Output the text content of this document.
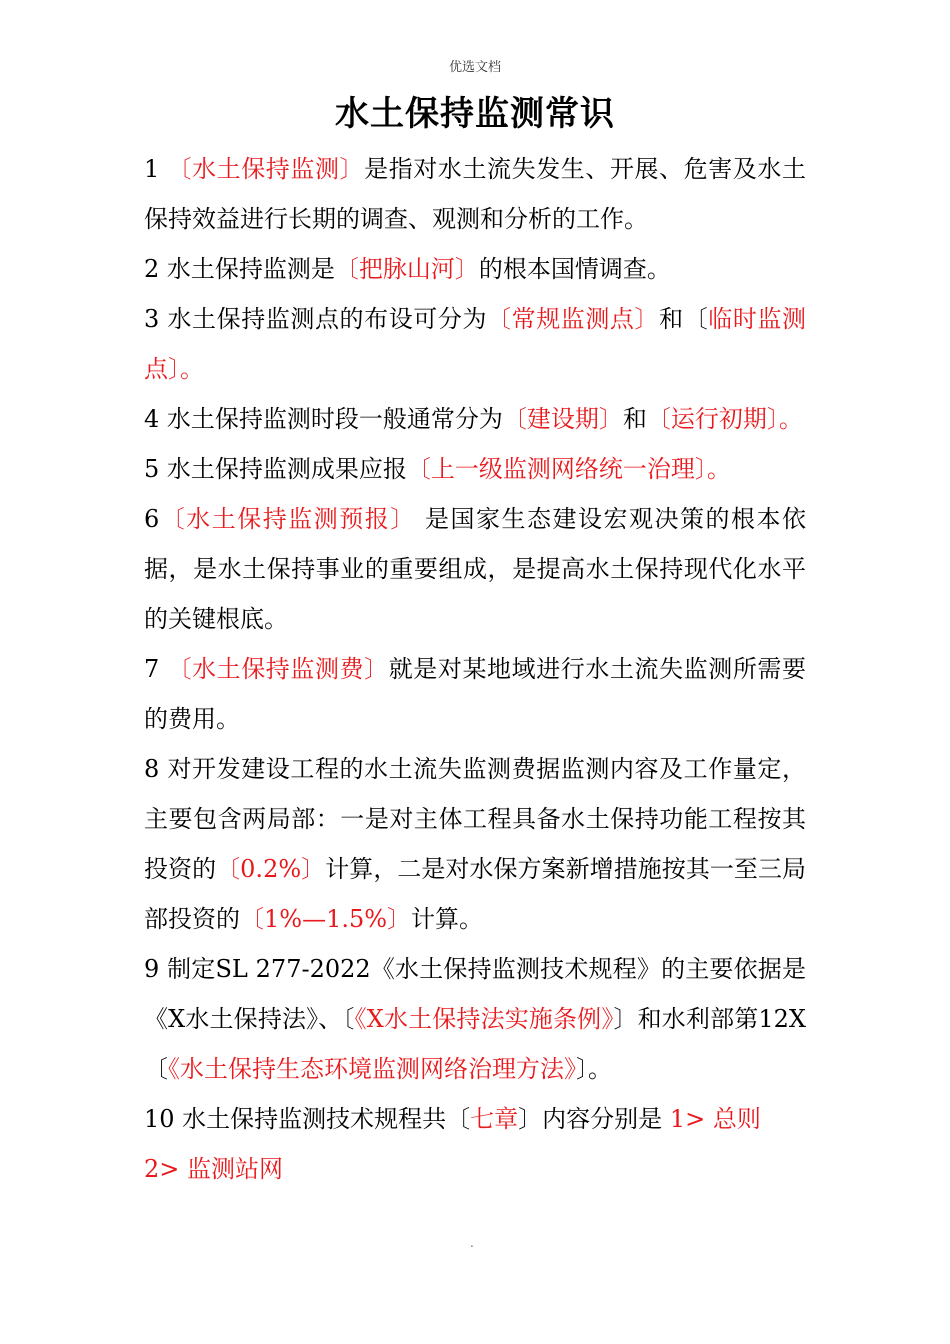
优选文档
水土保持监测常识

1 〔水土保持监测〕是指对水土流失发生、开展、危害及水土保持效益进行长期的调查、观测和分析的工作。

2 水土保持监测是〔把脉山河〕的根本国情调查。

3 水土保持监测点的布设可分为〔常规监测点〕和〔临时监测点〕。

4 水土保持监测时段一般通常分为〔建设期〕和〔运行初期〕。

5 水土保持监测成果应报〔上一级监测网络统一治理〕。

6〔水土保持监测预报〕 是国家生态建设宏观决策的根本依据，是水土保持事业的重要组成，是提高水土保持现代化水平的关键根底。

7 〔水土保持监测费〕就是对某地域进行水土流失监测所需要的费用。

8 对开发建设工程的水土流失监测费据监测内容及工作量定，主要包含两局部：一是对主体工程具备水土保持功能工程按其投资的〔0.2%〕计算，二是对水保方案新增措施按其一至三局部投资的〔1%—1.5%〕计算。

9 制定SL 277-2022《水土保持监测技术规程》的主要依据是《X水土保持法》、〔《X水土保持法实施条例》〕和水利部第12X〔《水土保持生态环境监测网络治理方法》〕。

10 水土保持监测技术规程共〔七章〕内容分别是 1> 总则

2> 监测站网

.
